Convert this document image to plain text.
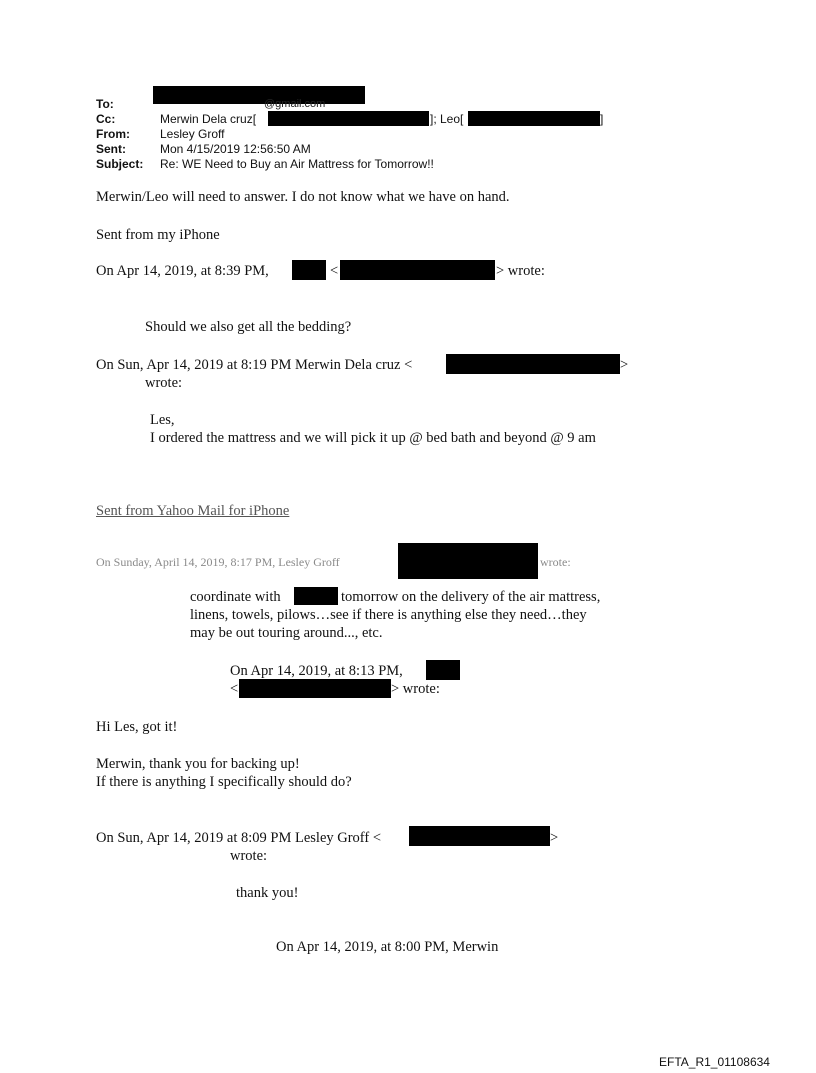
To:	@gmail.com
Cc:	Merwin Dela cruz[	]; Leo[	]
From:	Lesley Groff
Sent:	Mon 4/15/2019 12:56:50 AM
Subject: Re: WE Need to Buy an Air Mattress for Tomorrow!!
Merwin/Leo will need to answer. I do not know what we have on hand.
Sent from my iPhone
On Apr 14, 2019, at 8:39 PM,	<	> wrote:
Should we also get all the bedding?
On Sun, Apr 14, 2019 at 8:19 PM Merwin Dela cruz <	>
wrote:
Les,
I ordered the mattress and we will pick it up @ bed bath and beyond @ 9 am
Sent from Yahoo Mail for iPhone
On Sunday, April 14, 2019, 8:17 PM, Lesley Groff	wrote:
coordinate with	tomorrow on the delivery of the air mattress,
linens, towels, pilows…see if there is anything else they need…they
may be out touring around..., etc.
On Apr 14, 2019, at 8:13 PM,
<	> wrote:
Hi Les, got it!
Merwin, thank you for backing up!
If there is anything I specifically should do?
On Sun, Apr 14, 2019 at 8:09 PM Lesley Groff <	>
wrote:
thank you!
On Apr 14, 2019, at 8:00 PM, Merwin
EFTA_R1_01108634
